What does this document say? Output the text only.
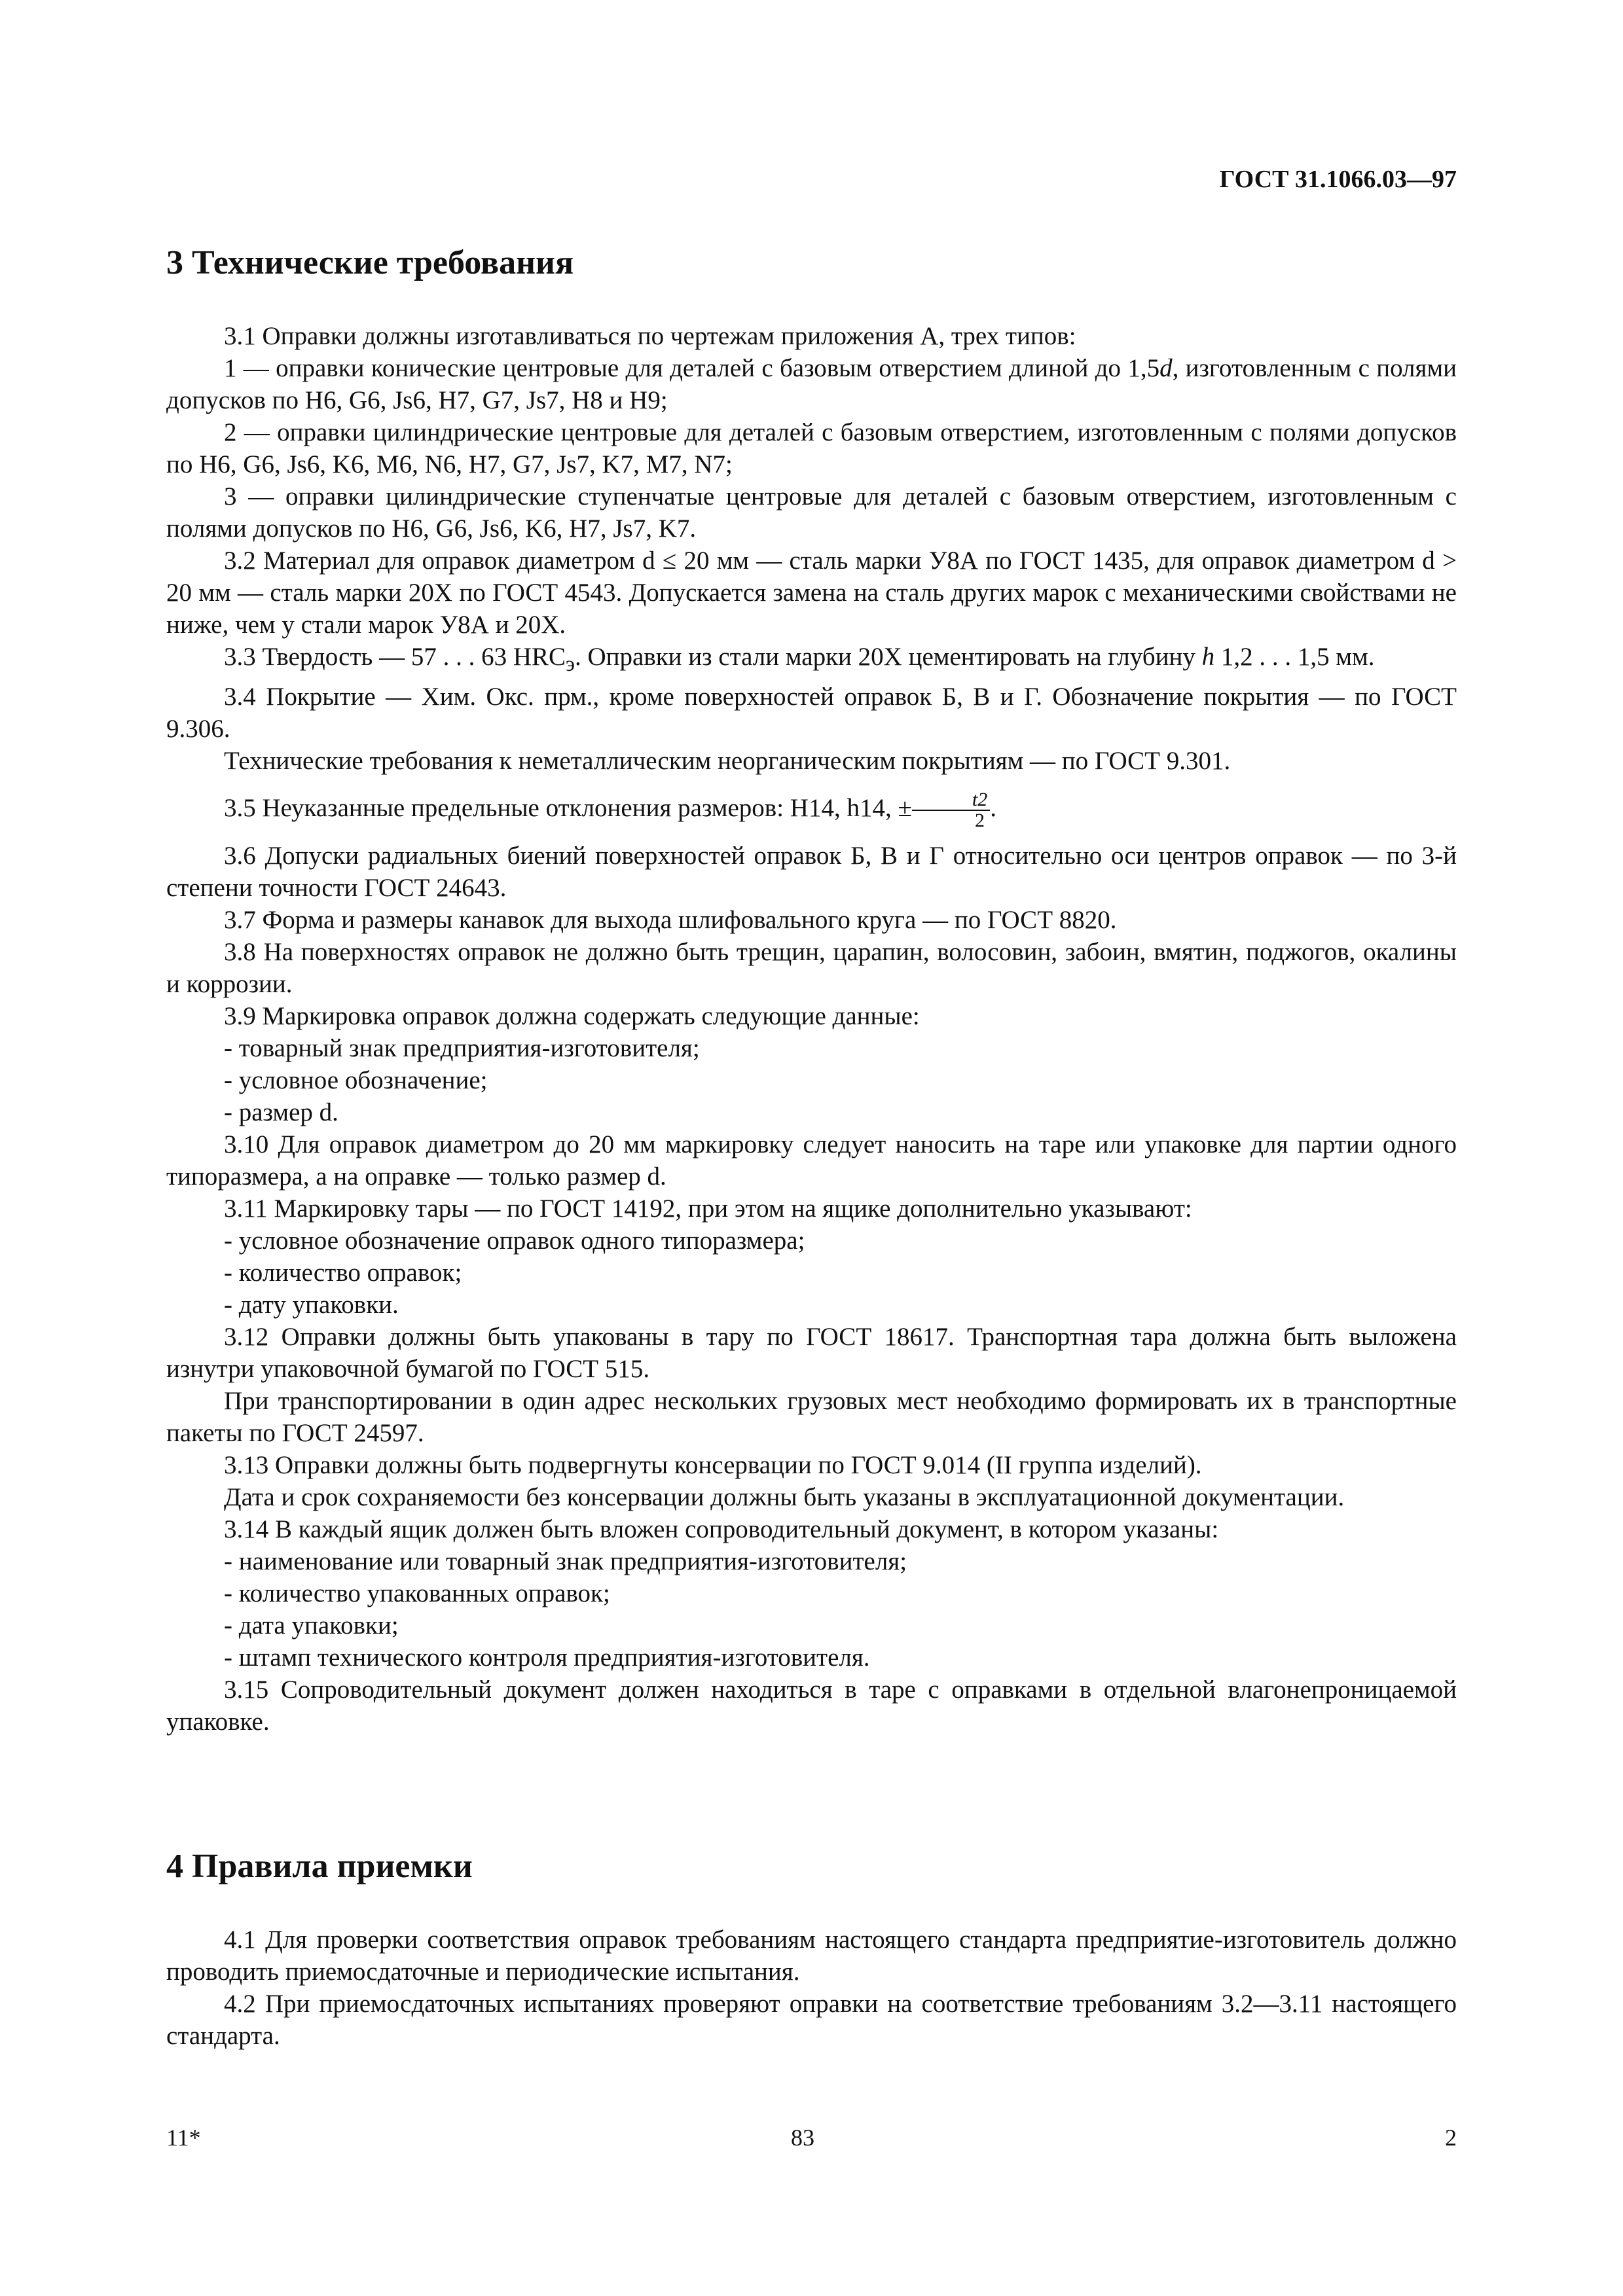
ГОСТ 31.1066.03—97
3 Технические требования

3.1 Оправки должны изготавливаться по чертежам приложения А, трех типов:

1 — оправки конические центровые для деталей с базовым отверстием длиной до 1,5d, изготовленным с полями допусков по H6, G6, Js6, H7, G7, Js7, H8 и H9;

2 — оправки цилиндрические центровые для деталей с базовым отверстием, изготовленным с полями допусков по H6, G6, Js6, K6, M6, N6, H7, G7, Js7, K7, M7, N7;

3 — оправки цилиндрические ступенчатые центровые для деталей с базовым отверстием, изготовленным с полями допусков по H6, G6, Js6, K6, H7, Js7, K7.

3.2 Материал для оправок диаметром d ≤ 20 мм — сталь марки У8А по ГОСТ 1435, для оправок диаметром d > 20 мм — сталь марки 20Х по ГОСТ 4543. Допускается замена на сталь других марок с механическими свойствами не ниже, чем у стали марок У8А и 20Х.

3.3 Твердость — 57 . . . 63 $HRC_э$. Оправки из стали марки 20Х цементировать на глубину h 1,2 . . . 1,5 мм.

3.4 Покрытие — Хим. Окс. прм., кроме поверхностей оправок Б, В и Г. Обозначение покрытия — по ГОСТ 9.306.

Технические требования к неметаллическим неорганическим покрытиям — по ГОСТ 9.301.

3.5 Неуказанные предельные отклонения размеров: H14, h14, ± $\frac{t2}{2}$ .

3.6 Допуски радиальных биений поверхностей оправок Б, В и Г относительно оси центров оправок — по 3-й степени точности ГОСТ 24643.

3.7 Форма и размеры канавок для выхода шлифовального круга — по ГОСТ 8820.

3.8 На поверхностях оправок не должно быть трещин, царапин, волосовин, забоин, вмятин, поджогов, окалины и коррозии.

3.9 Маркировка оправок должна содержать следующие данные:

- товарный знак предприятия-изготовителя;

- условное обозначение;

- размер d.

3.10 Для оправок диаметром до 20 мм маркировку следует наносить на таре или упаковке для партии одного типоразмера, а на оправке — только размер d.

3.11 Маркировку тары — по ГОСТ 14192, при этом на ящике дополнительно указывают:

- условное обозначение оправок одного типоразмера;

- количество оправок;

- дату упаковки.

3.12 Оправки должны быть упакованы в тару по ГОСТ 18617. Транспортная тара должна быть выложена изнутри упаковочной бумагой по ГОСТ 515.

При транспортировании в один адрес нескольких грузовых мест необходимо формировать их в транспортные пакеты по ГОСТ 24597.

3.13 Оправки должны быть подвергнуты консервации по ГОСТ 9.014 (II группа изделий).

Дата и срок сохраняемости без консервации должны быть указаны в эксплуатационной документации.

3.14 В каждый ящик должен быть вложен сопроводительный документ, в котором указаны:

- наименование или товарный знак предприятия-изготовителя;

- количество упакованных оправок;

- дата упаковки;

- штамп технического контроля предприятия-изготовителя.

3.15 Сопроводительный документ должен находиться в таре с оправками в отдельной влагонепроницаемой упаковке.

4 Правила приемки

4.1 Для проверки соответствия оправок требованиям настоящего стандарта предприятие-изготовитель должно проводить приемосдаточные и периодические испытания.

4.2 При приемосдаточных испытаниях проверяют оправки на соответствие требованиям 3.2—3.11 настоящего стандарта.

11*	83	2
